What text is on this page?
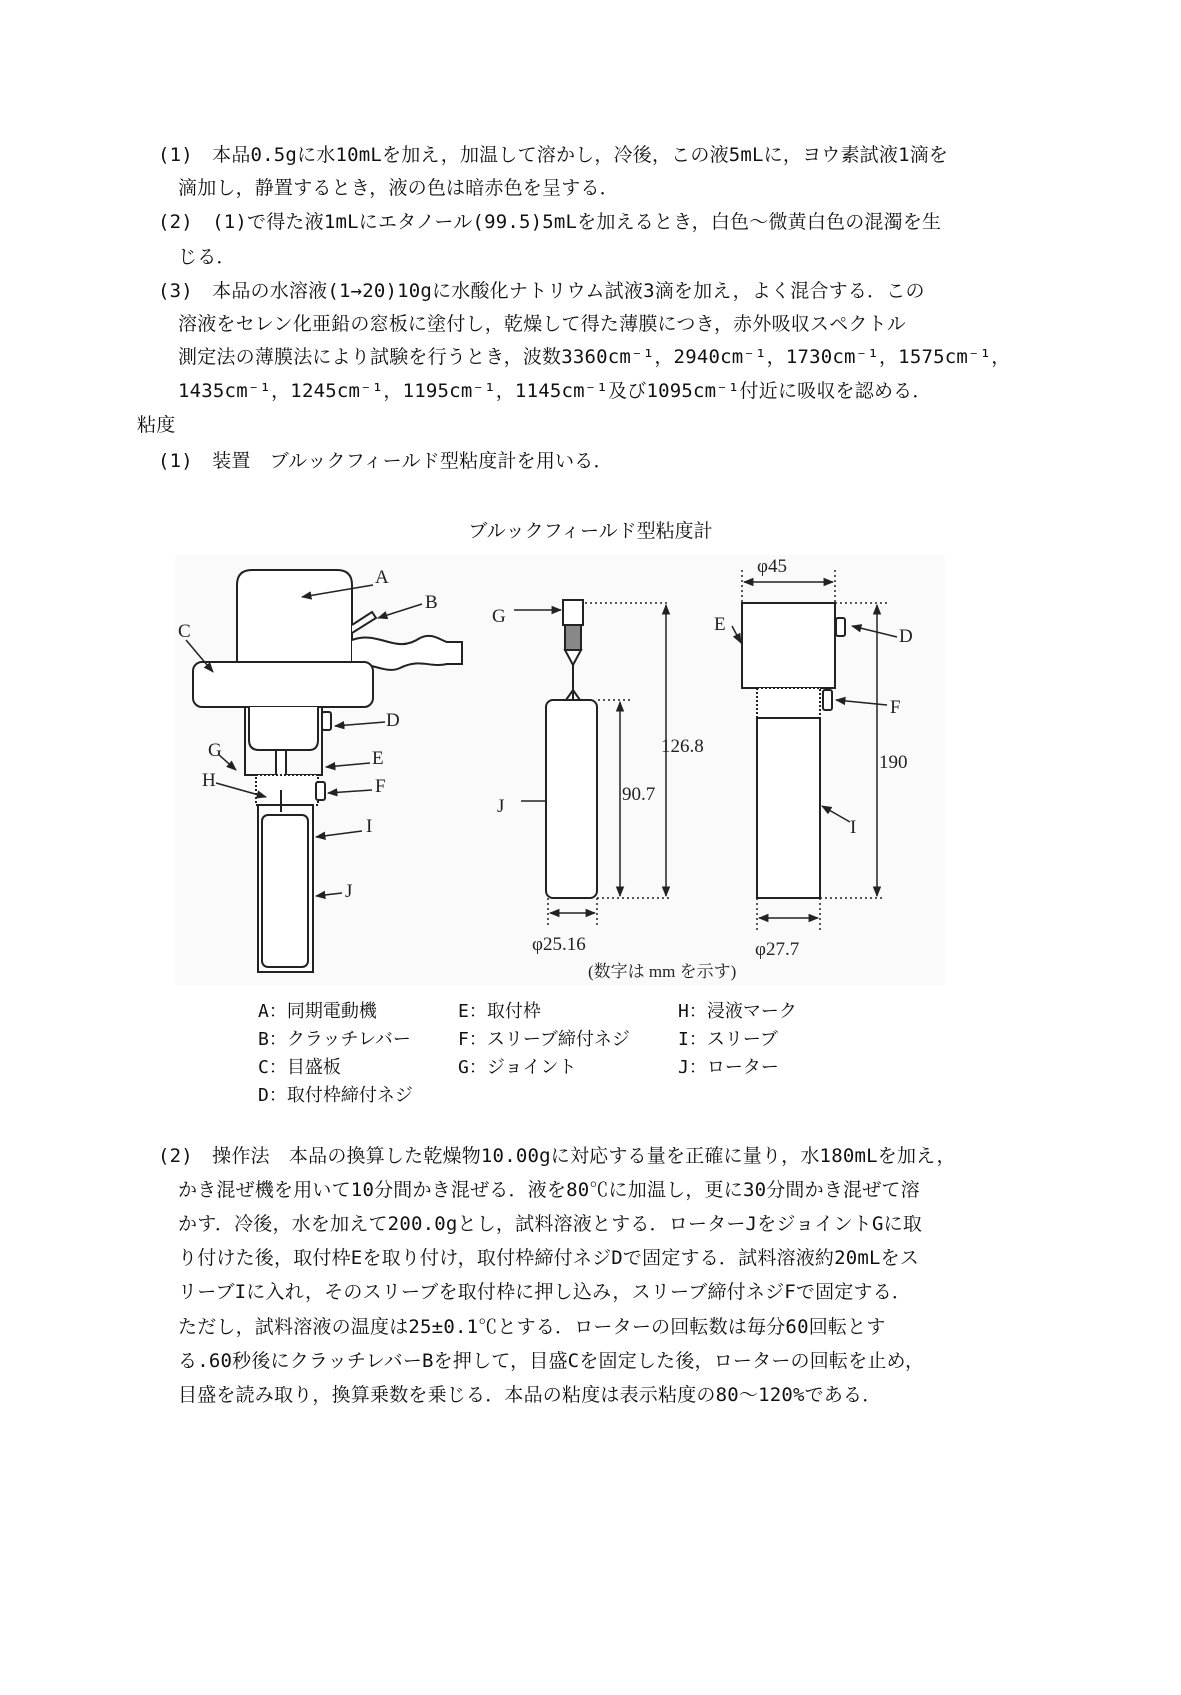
(1)　本品0.5gに水10mLを加え，加温して溶かし，冷後，この液5mLに，ヨウ素試液1滴を
滴加し，静置するとき，液の色は暗赤色を呈する．
(2)　(1)で得た液1mLにエタノール(99.5)5mLを加えるとき，白色～微黄白色の混濁を生
じる．
(3)　本品の水溶液(1→20)10gに水酸化ナトリウム試液3滴を加え，よく混合する．この
溶液をセレン化亜鉛の窓板に塗付し，乾燥して得た薄膜につき，赤外吸収スペクトル
測定法の薄膜法により試験を行うとき，波数3360cm⁻¹，2940cm⁻¹，1730cm⁻¹，1575cm⁻¹，
1435cm⁻¹，1245cm⁻¹，1195cm⁻¹，1145cm⁻¹及び1095cm⁻¹付近に吸収を認める．
粘度
(1)　装置　ブルックフィールド型粘度計を用いる．
ブルックフィールド型粘度計
A
B
C
D
E
F
G
H
I
J
G
J
E
D
F
I
φ45
126.8
90.7
190
φ25.16	φ27.7
(数字は mm を示す)
A：同期電動機	E：取付枠	H：浸液マーク
B：クラッチレバー	F：スリーブ締付ネジ	I：スリーブ
C：目盛板	G：ジョイント	J：ローター
D：取付枠締付ネジ
(2)　操作法　本品の換算した乾燥物10.00gに対応する量を正確に量り，水180mLを加え，
かき混ぜ機を用いて10分間かき混ぜる．液を80℃に加温し，更に30分間かき混ぜて溶
かす．冷後，水を加えて200.0gとし，試料溶液とする．ローターJをジョイントGに取
り付けた後，取付枠Eを取り付け，取付枠締付ネジDで固定する．試料溶液約20mLをス
リーブIに入れ，そのスリーブを取付枠に押し込み，スリーブ締付ネジFで固定する．
ただし，試料溶液の温度は25±0.1℃とする．ローターの回転数は毎分60回転とす
る.60秒後にクラッチレバーBを押して，目盛Cを固定した後，ローターの回転を止め，
目盛を読み取り，換算乗数を乗じる．本品の粘度は表示粘度の80～120%である．
